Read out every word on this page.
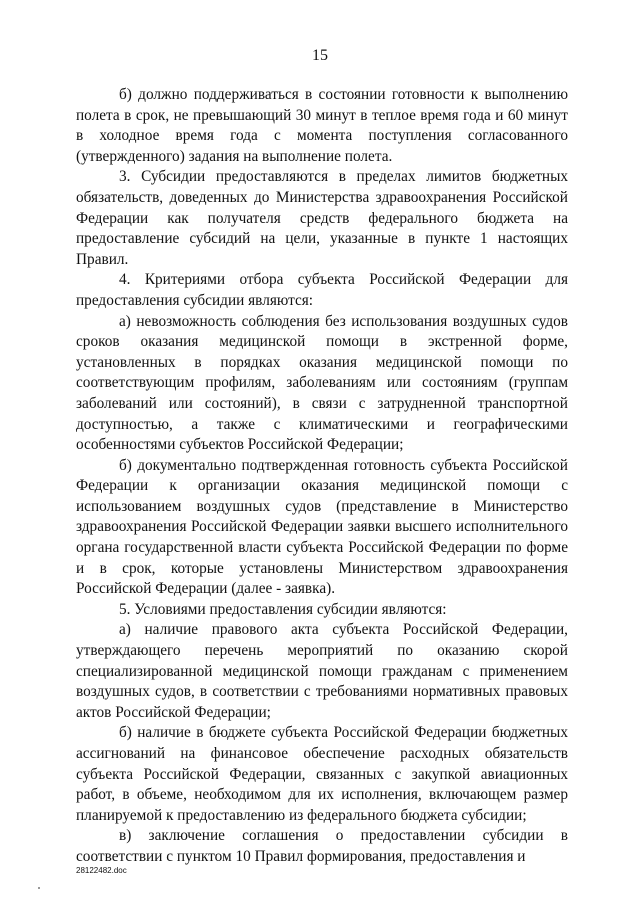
15

б) должно поддерживаться в состоянии готовности к выполнению полета в срок, не превышающий 30 минут в теплое время года и 60 минут в холодное время года с момента поступления согласованного (утвержденного) задания на выполнение полета.

3. Субсидии предоставляются в пределах лимитов бюджетных обязательств, доведенных до Министерства здравоохранения Российской Федерации как получателя средств федерального бюджета на предоставление субсидий на цели, указанные в пункте 1 настоящих Правил.

4. Критериями отбора субъекта Российской Федерации для предоставления субсидии являются:

а) невозможность соблюдения без использования воздушных судов сроков оказания медицинской помощи в экстренной форме, установленных в порядках оказания медицинской помощи по соответствующим профилям, заболеваниям или состояниям (группам заболеваний или состояний), в связи с затрудненной транспортной доступностью, а также с климатическими и географическими особенностями субъектов Российской Федерации;

б) документально подтвержденная готовность субъекта Российской Федерации к организации оказания медицинской помощи с использованием воздушных судов (представление в Министерство здравоохранения Российской Федерации заявки высшего исполнительного органа государственной власти субъекта Российской Федерации по форме и в срок, которые установлены Министерством здравоохранения Российской Федерации (далее - заявка).

5. Условиями предоставления субсидии являются:

а) наличие правового акта субъекта Российской Федерации, утверждающего перечень мероприятий по оказанию скорой специализированной медицинской помощи гражданам с применением воздушных судов, в соответствии с требованиями нормативных правовых актов Российской Федерации;

б) наличие в бюджете субъекта Российской Федерации бюджетных ассигнований на финансовое обеспечение расходных обязательств субъекта Российской Федерации, связанных с закупкой авиационных работ, в объеме, необходимом для их исполнения, включающем размер планируемой к предоставлению из федерального бюджета субсидии;

в) заключение соглашения о предоставлении субсидии в соответствии с пунктом 10 Правил формирования, предоставления и

28122482.doc
